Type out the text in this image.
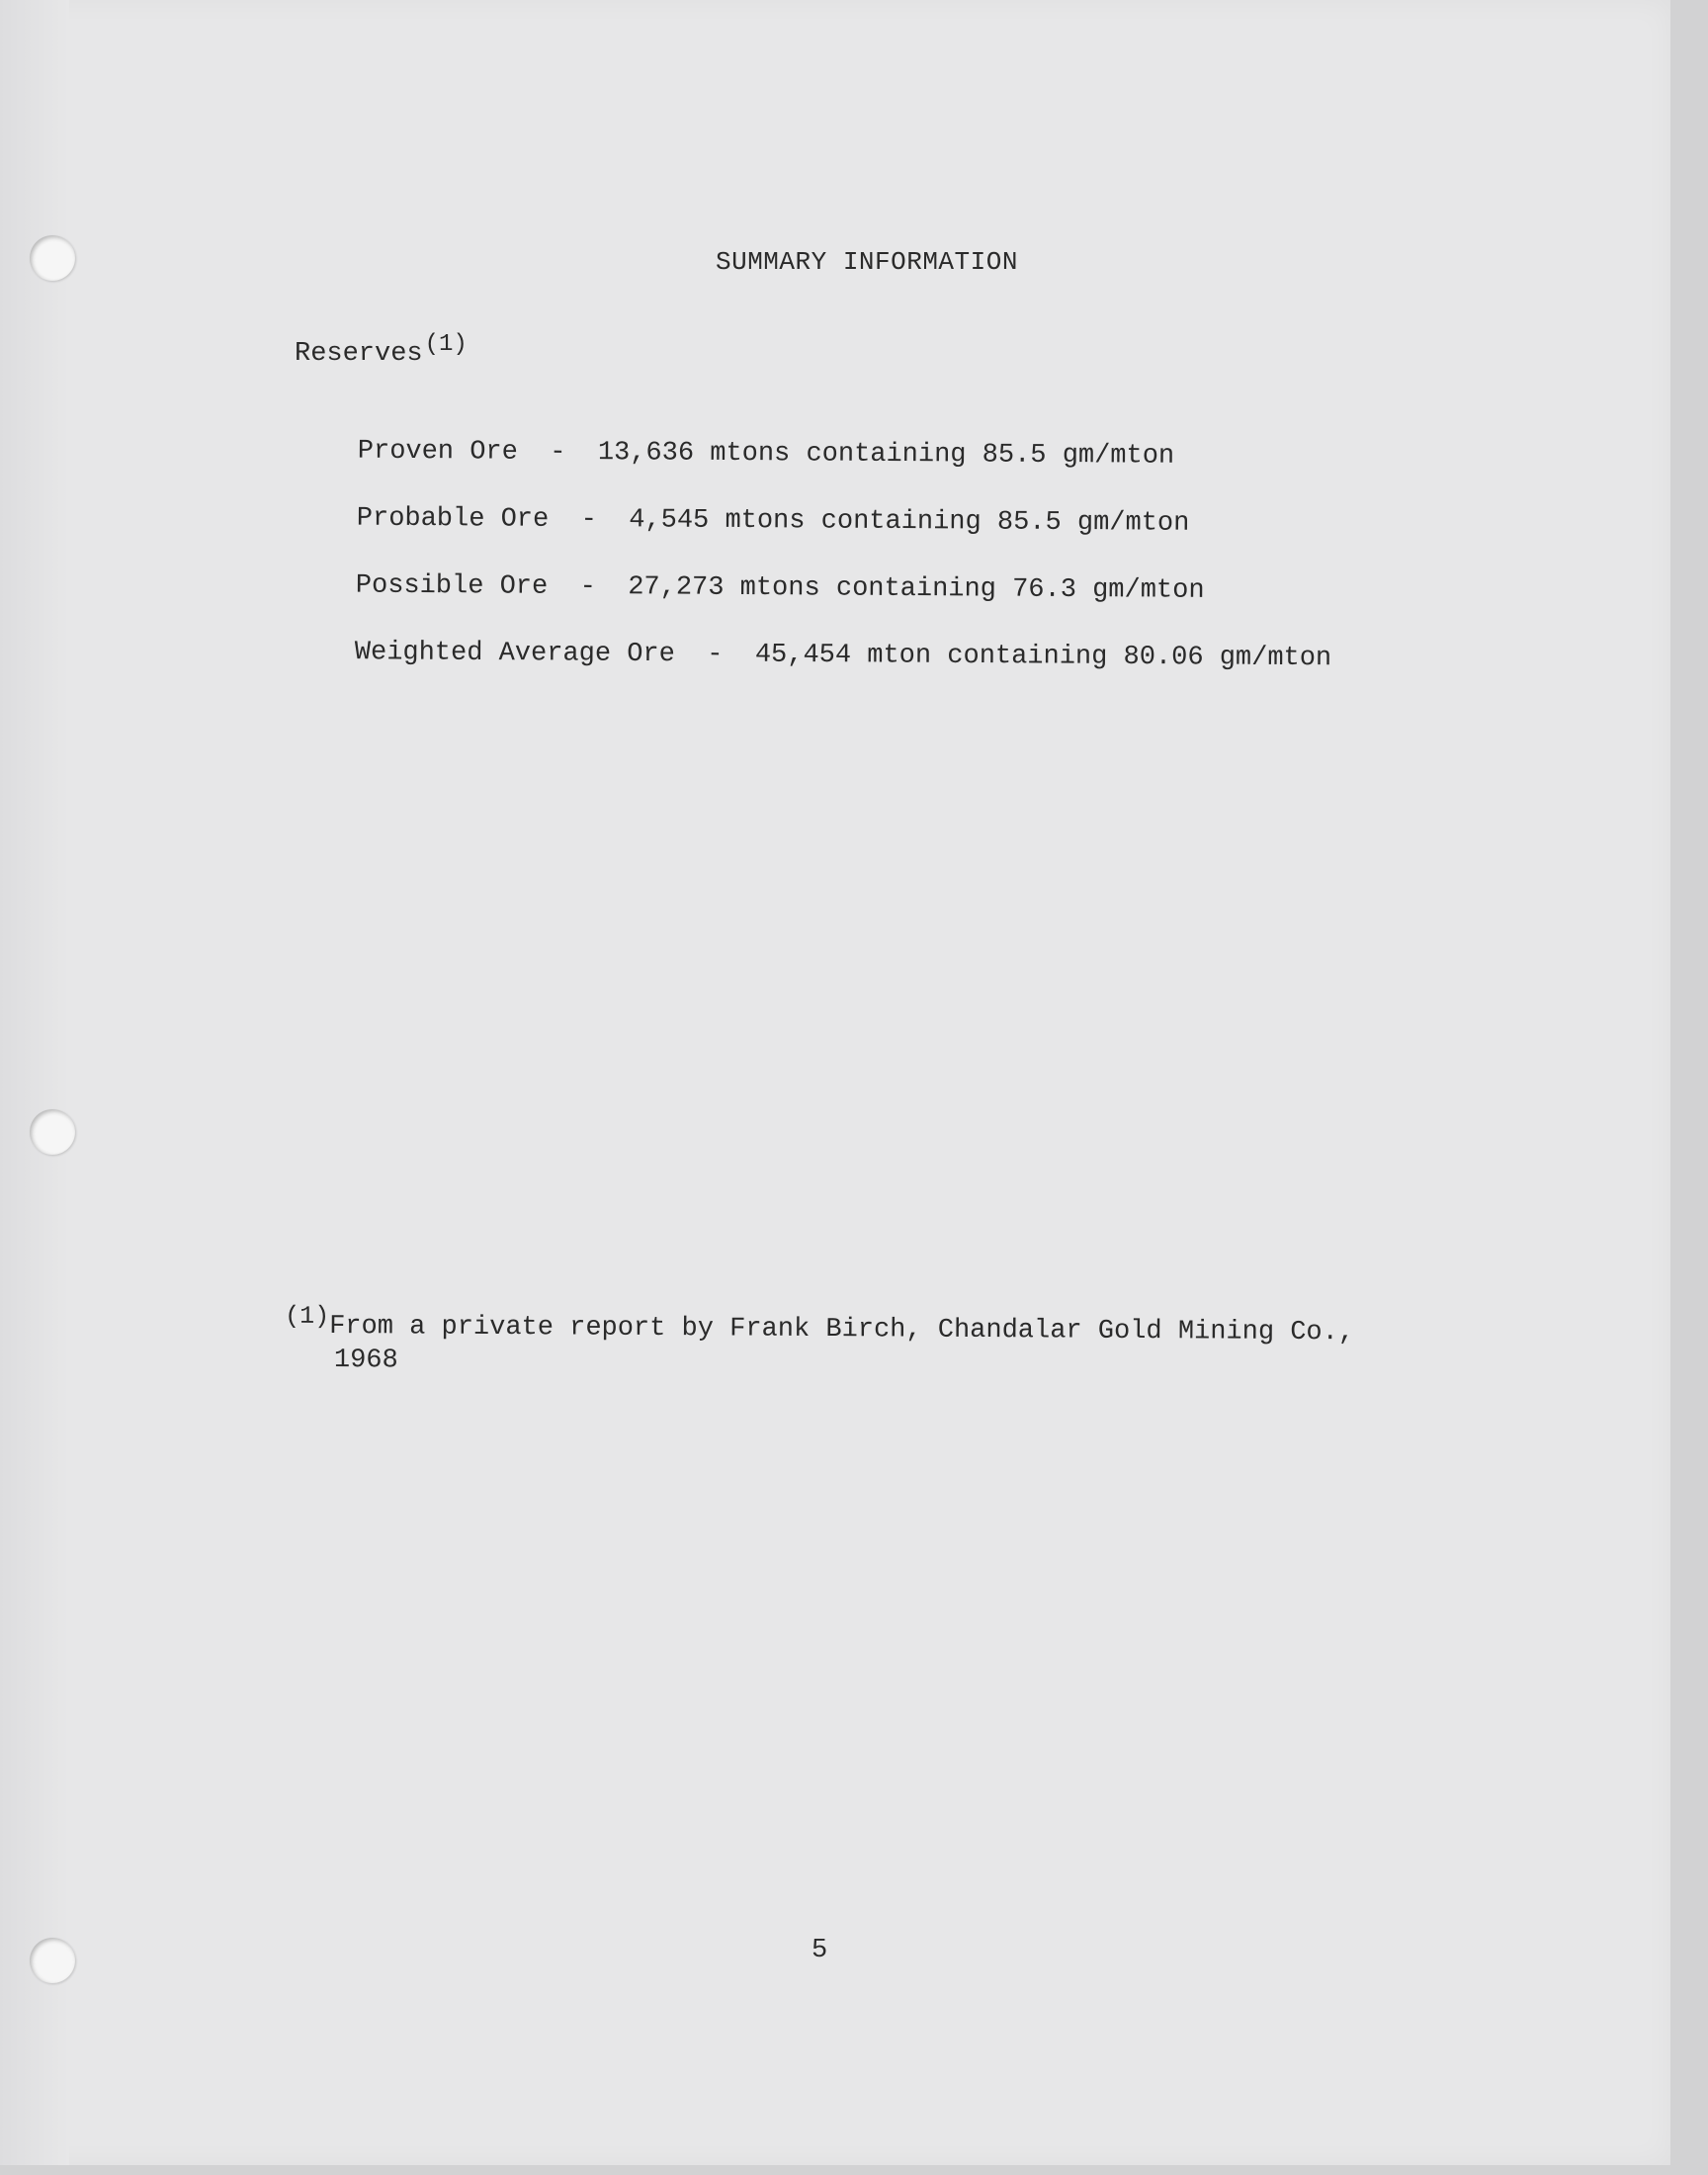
SUMMARY INFORMATION
Reserves$^{(1)}$

Proven Ore - 13,636 mtons containing 85.5 gm/mton

Probable Ore - 4,545 mtons containing 85.5 gm/mton

Possible Ore - 27,273 mtons containing 76.3 gm/mton

Weighted Average Ore - 45,454 mton containing 80.06 gm/mton

(1)From a private report by Frank Birch, Chandalar Gold Mining Co.,
1968
5
